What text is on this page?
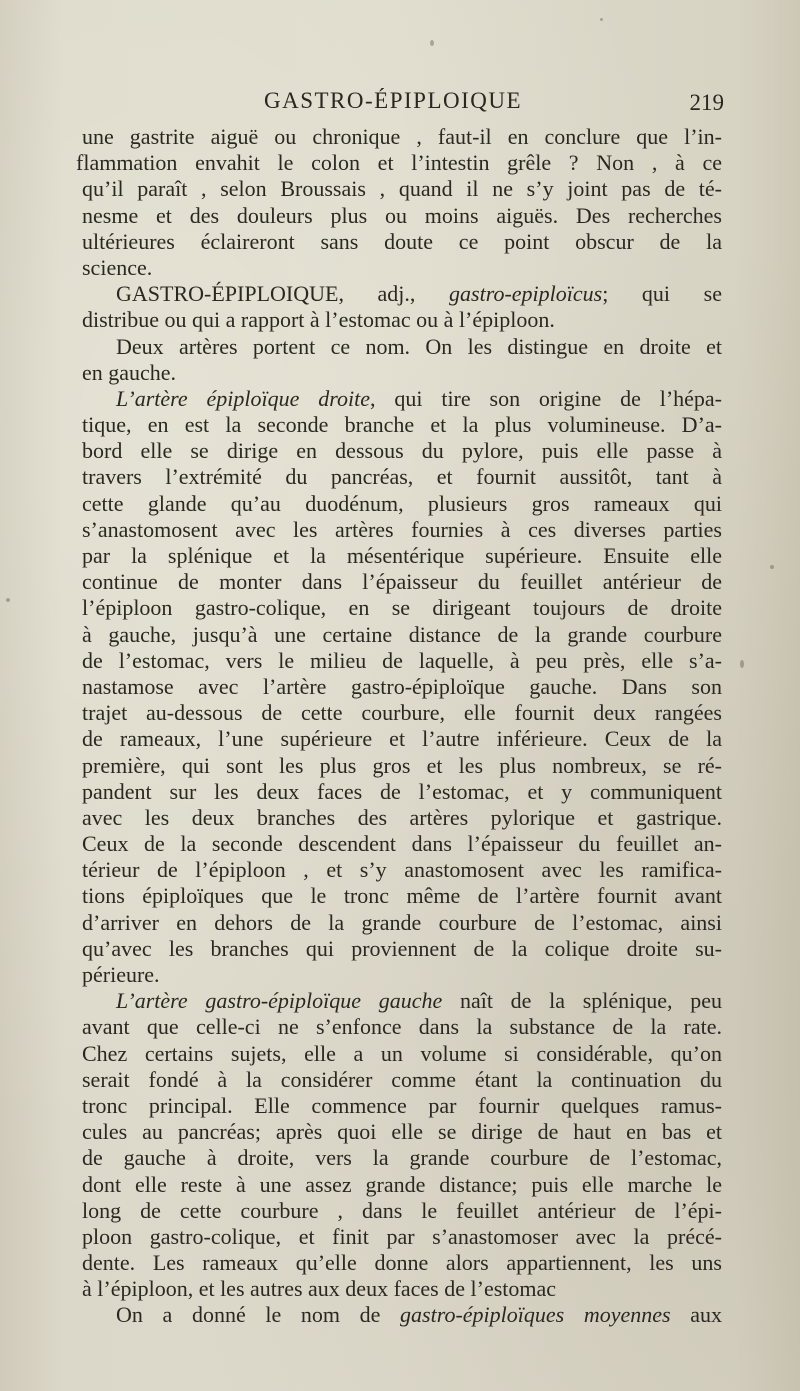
GASTRO-ÉPIPLOIQUE	219
une gastrite aiguë ou chronique , faut-il en conclure que l’in-
flammation envahit le colon et l’intestin grêle ? Non , à ce
qu’il paraît , selon Broussais , quand il ne s’y joint pas de té-
nesme et des douleurs plus ou moins aiguës. Des recherches
ultérieures éclaireront sans doute ce point obscur de la
science.
GASTRO-ÉPIPLOIQUE, adj., gastro-epiploïcus; qui se
distribue ou qui a rapport à l’estomac ou à l’épiploon.
Deux artères portent ce nom. On les distingue en droite et
en gauche.
L’artère épiploïque droite, qui tire son origine de l’hépa-
tique, en est la seconde branche et la plus volumineuse. D’a-
bord elle se dirige en dessous du pylore, puis elle passe à
travers l’extrémité du pancréas, et fournit aussitôt, tant à
cette glande qu’au duodénum, plusieurs gros rameaux qui
s’anastomosent avec les artères fournies à ces diverses parties
par la splénique et la mésentérique supérieure. Ensuite elle
continue de monter dans l’épaisseur du feuillet antérieur de
l’épiploon gastro-colique, en se dirigeant toujours de droite
à gauche, jusqu’à une certaine distance de la grande courbure
de l’estomac, vers le milieu de laquelle, à peu près, elle s’a-
nastamose avec l’artère gastro-épiploïque gauche. Dans son
trajet au-dessous de cette courbure, elle fournit deux rangées
de rameaux, l’une supérieure et l’autre inférieure. Ceux de la
première, qui sont les plus gros et les plus nombreux, se ré-
pandent sur les deux faces de l’estomac, et y communiquent
avec les deux branches des artères pylorique et gastrique.
Ceux de la seconde descendent dans l’épaisseur du feuillet an-
térieur de l’épiploon , et s’y anastomosent avec les ramifica-
tions épiploïques que le tronc même de l’artère fournit avant
d’arriver en dehors de la grande courbure de l’estomac, ainsi
qu’avec les branches qui proviennent de la colique droite su-
périeure.
L’artère gastro-épiploïque gauche naît de la splénique, peu
avant que celle-ci ne s’enfonce dans la substance de la rate.
Chez certains sujets, elle a un volume si considérable, qu’on
serait fondé à la considérer comme étant la continuation du
tronc principal. Elle commence par fournir quelques ramus-
cules au pancréas; après quoi elle se dirige de haut en bas et
de gauche à droite, vers la grande courbure de l’estomac,
dont elle reste à une assez grande distance; puis elle marche le
long de cette courbure , dans le feuillet antérieur de l’épi-
ploon gastro-colique, et finit par s’anastomoser avec la précé-
dente. Les rameaux qu’elle donne alors appartiennent, les uns
à l’épiploon, et les autres aux deux faces de l’estomac
On a donné le nom de gastro-épiploïques moyennes aux
